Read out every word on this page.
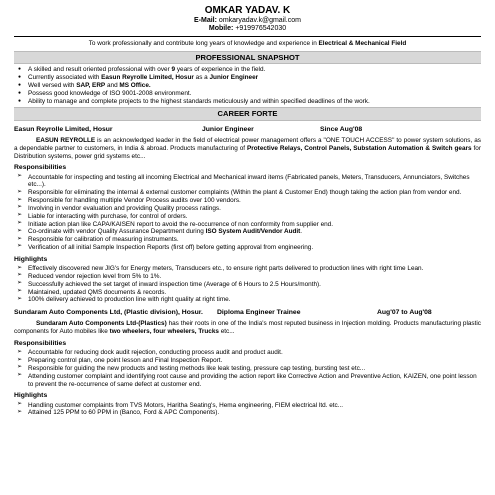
OMKAR YADAV. K
E-Mail: omkaryadav.k@gmail.com
Mobile: +919976542030
To work professionally and contribute long years of knowledge and experience in Electrical & Mechanical Field
PROFESSIONAL SNAPSHOT
● A skilled and result oriented professional with over 9 years of experience in the field.
● Currently associated with Easun Reyrolle Limited, Hosur as a Junior Engineer
● Well versed with SAP, ERP and MS Office.
● Possess good knowledge of ISO 9001-2008 environment.
● Ability to manage and complete projects to the highest standards meticulously and within specified deadlines of the work.
CAREER FORTE
Easun Reyrolle Limited, Hosur	Junior Engineer	Since Aug'08
EASUN REYROLLE is an acknowledged leader in the field of electrical power management offers a "ONE TOUCH ACCESS" to power system solutions, as a dependable partner to customers, in India & abroad. Products manufacturing of Protective Relays, Control Panels, Substation Automation & Switch gears for Distribution systems, power grid systems etc...
Responsibilities
➢ Accountable for inspecting and testing all incoming Electrical and Mechanical inward items (Fabricated panels, Meters, Transducers, Annunciators, Switches etc...).
➢ Responsible for eliminating the internal & external customer complaints (Within the plant & Customer End) though taking the action plan from vendor end.
➢ Responsible for handling multiple Vendor Process audits over 100 vendors.
➢ Involving in vendor evaluation and providing Quality process ratings.
➢ Liable for interacting with purchase, for control of orders.
➢ Initiate action plan like CAPA/KAISEN report to avoid the re-occurrence of non conformity from supplier end.
➢ Co-ordinate with vendor Quality Assurance Department during ISO System Audit/Vendor Audit.
➢ Responsible for calibration of measuring instruments.
➢ Verification of all initial Sample Inspection Reports (first off) before getting approval from engineering.
Highlights
➢ Effectively discovered new JIG's for Energy meters, Transducers etc., to ensure right parts delivered to production lines with right time Lean.
➢ Reduced vendor rejection level from 5% to 1%.
➢ Successfully achieved the set target of inward inspection time (Average of 6 Hours to 2.5 Hours/month).
➢ Maintained, updated QMS documents & records.
➢ 100% delivery achieved to production line with right quality at right time.
Sundaram Auto Components Ltd, (Plastic division), Hosur.	Diploma Engineer Trainee	Aug'07 to Aug'08
Sundaram Auto Components Ltd-(Plastics) has their roots in one of the India's most reputed business in Injection molding. Products manufacturing plastic components for Auto mobiles like two wheelers, four wheelers, Trucks etc...
Responsibilities
➢ Accountable for reducing dock audit rejection, conducting process audit and product audit.
➢ Preparing control plan, one point lesson and Final Inspection Report.
➢ Responsible for guiding the new products and testing methods like leak testing, pressure cap testing, bursting test etc...
➢ Attending customer complaint and identifying root cause and providing the action report like Corrective Action and Preventive Action, KAIZEN, one point lesson to prevent the re-occurrence of same defect at customer end.
Highlights
➢ Handling customer complaints from TVS Motors, Haritha Seating's, Hema engineering, FIEM electrical ltd. etc...
➢ Attained 125 PPM to 60 PPM in (Banco, Ford & APC Components).
